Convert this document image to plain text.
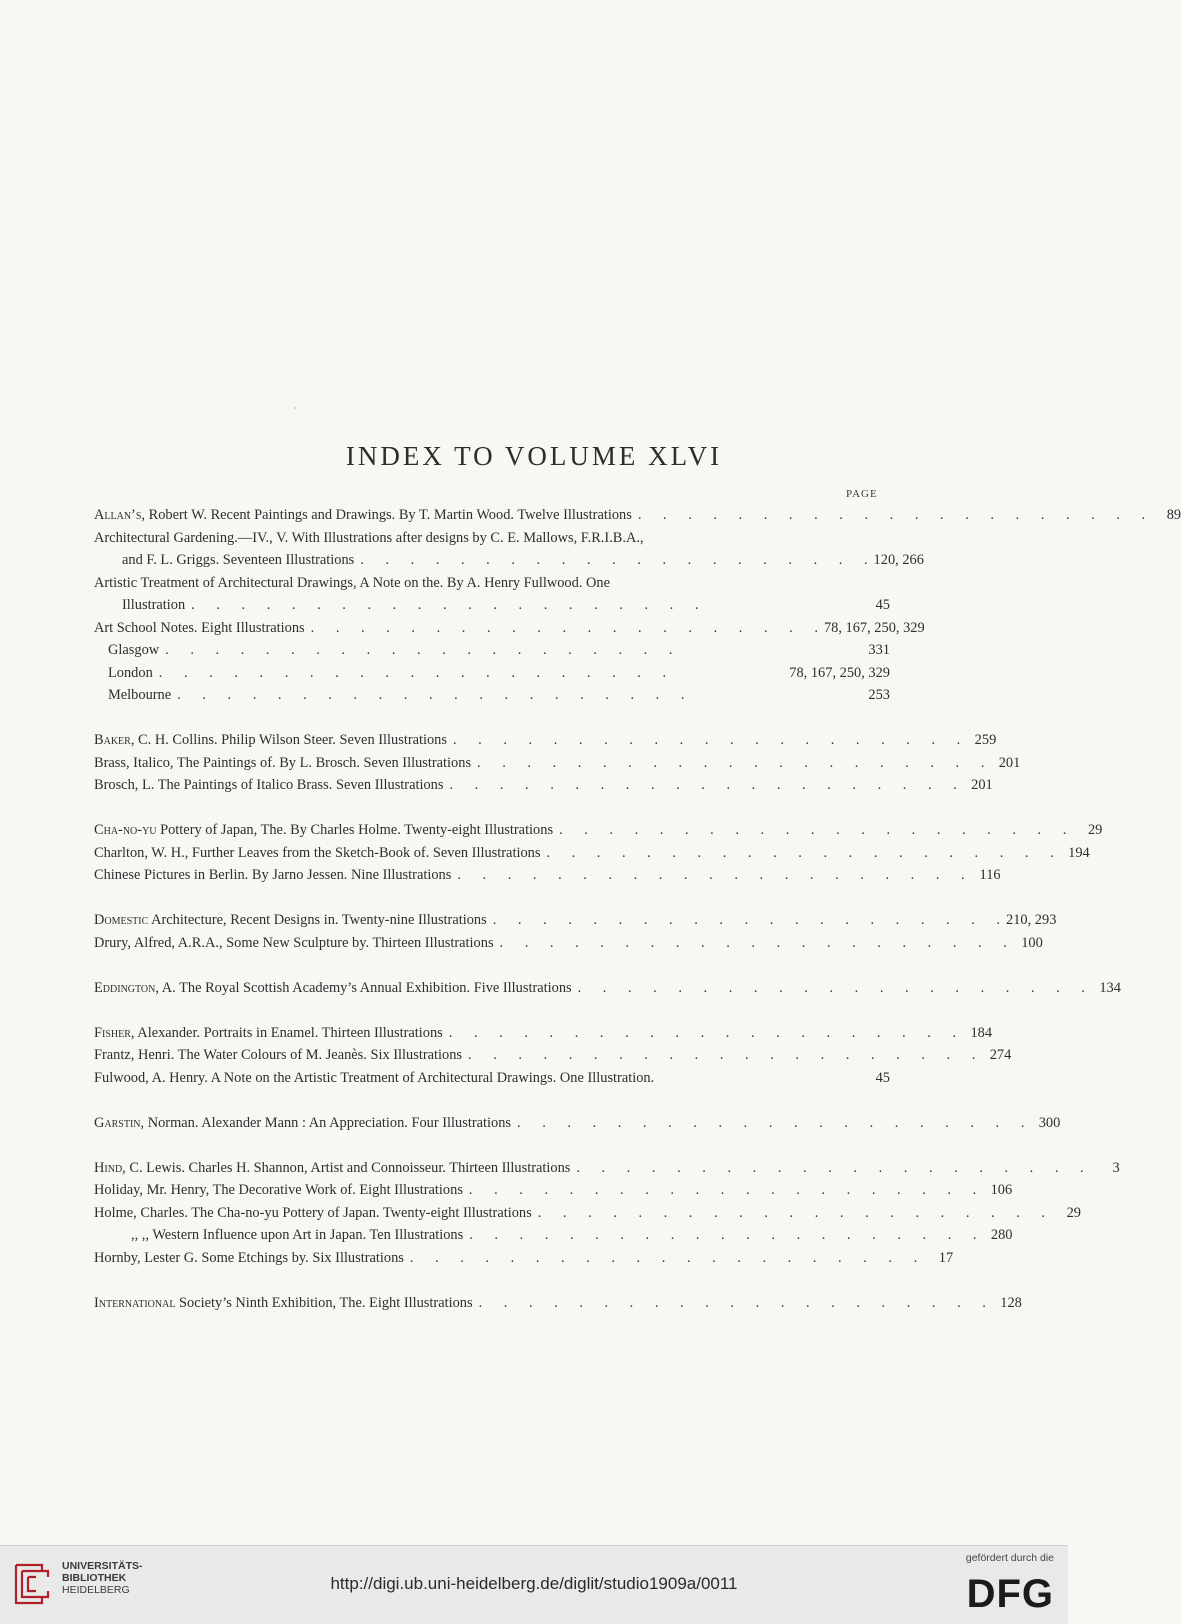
INDEX TO VOLUME XLVI
PAGE
Allan’s, Robert W. Recent Paintings and Drawings. By T. Martin Wood. Twelve Illustrations .	89
Architectural Gardening.—IV., V. With Illustrations after designs by C. E. Mallows, F.R.I.B.A.,
and F. L. Griggs. Seventeen Illustrations .	120, 266
Artistic Treatment of Architectural Drawings, A Note on the. By A. Henry Fullwood. One
Illustration .	45
Art School Notes. Eight Illustrations .	78, 167, 250, 329
Glasgow .	331
London .	78, 167, 250, 329
Melbourne .	253
Baker, C. H. Collins. Philip Wilson Steer. Seven Illustrations .	259
Brass, Italico, The Paintings of. By L. Brosch. Seven Illustrations .	201
Brosch, L. The Paintings of Italico Brass. Seven Illustrations .	201
Cha-no-yu Pottery of Japan, The. By Charles Holme. Twenty-eight Illustrations .	29
Charlton, W. H., Further Leaves from the Sketch-Book of. Seven Illustrations .	194
Chinese Pictures in Berlin. By Jarno Jessen. Nine Illustrations .	116
Domestic Architecture, Recent Designs in. Twenty-nine Illustrations .	210, 293
Drury, Alfred, A.R.A., Some New Sculpture by. Thirteen Illustrations .	100
Eddington, A. The Royal Scottish Academy’s Annual Exhibition. Five Illustrations .	134
Fisher, Alexander. Portraits in Enamel. Thirteen Illustrations .	184
Frantz, Henri. The Water Colours of M. Jeanès. Six Illustrations .	274
Fulwood, A. Henry. A Note on the Artistic Treatment of Architectural Drawings. One Illustration.	45
Garstin, Norman. Alexander Mann : An Appreciation. Four Illustrations .	300
Hind, C. Lewis. Charles H. Shannon, Artist and Connoisseur. Thirteen Illustrations .	3
Holiday, Mr. Henry, The Decorative Work of. Eight Illustrations .	106
Holme, Charles. The Cha-no-yu Pottery of Japan. Twenty-eight Illustrations .	29
,, ,, Western Influence upon Art in Japan. Ten Illustrations .	280
Hornby, Lester G. Some Etchings by. Six Illustrations .	17
International Society’s Ninth Exhibition, The. Eight Illustrations .	128
UNIVERSITÄTS-
BIBLIOTHEK
HEIDELBERG	http://digi.ub.uni-heidelberg.de/diglit/studio1909a/0011
gefördert durch die
DFG
